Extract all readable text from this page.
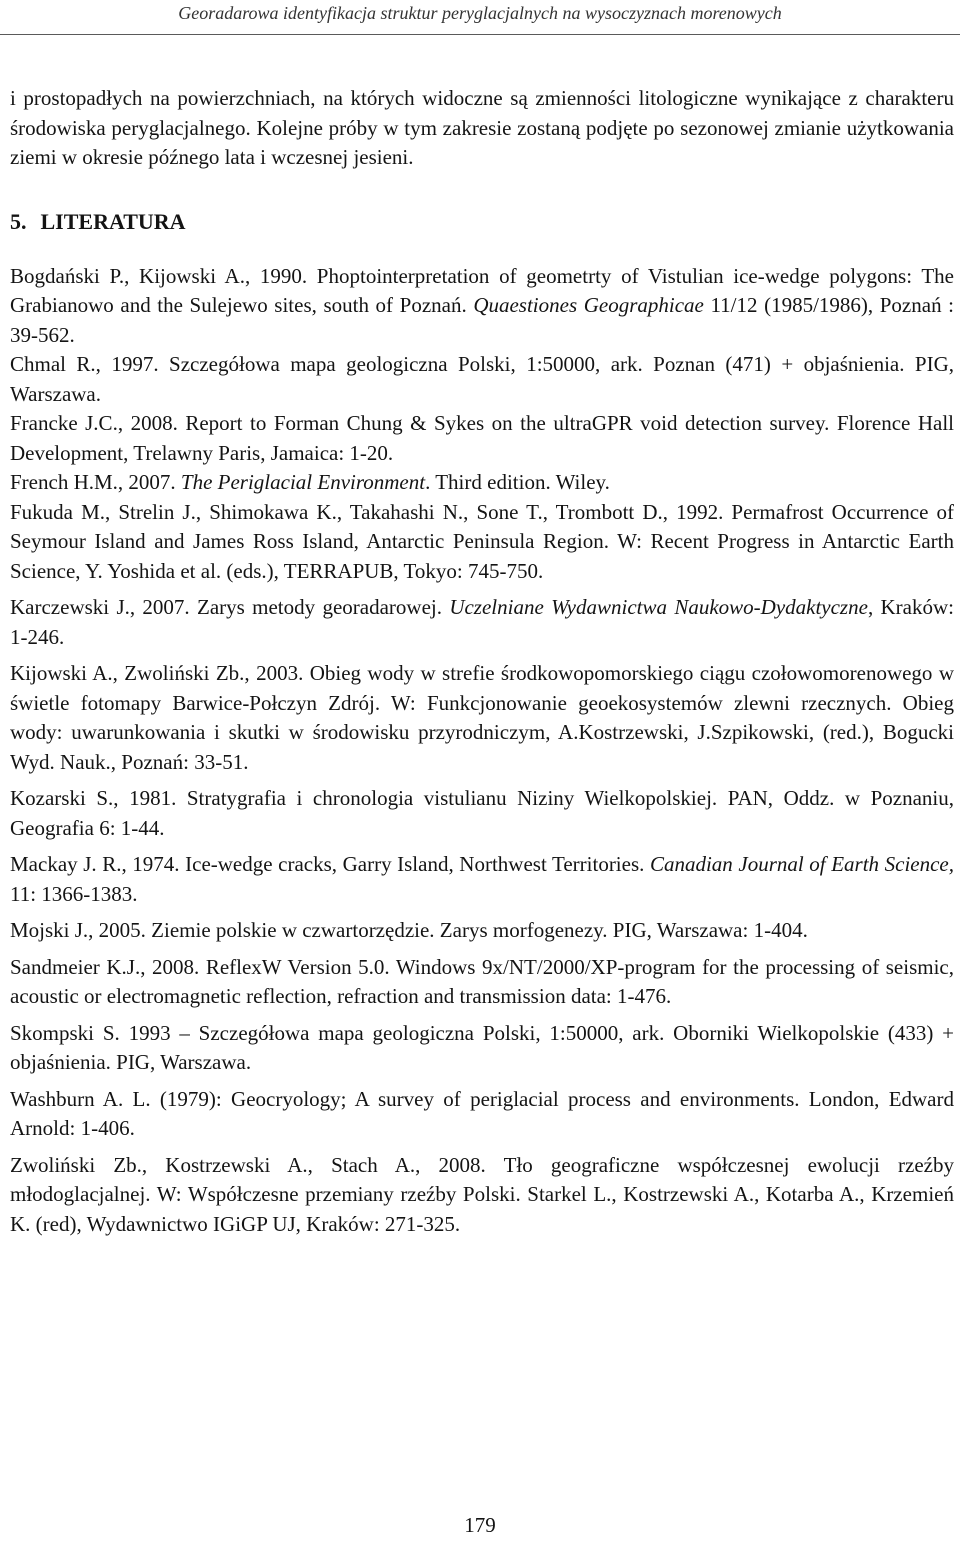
Georadarowa identyfikacja struktur peryglacjalnych na wysoczyznach morenowych

i prostopadłych na powierzchniach, na których widoczne są zmienności litologiczne wynikające z charakteru środowiska peryglacjalnego. Kolejne próby w tym zakresie zostaną podjęte po sezonowej zmianie użytkowania ziemi w okresie późnego lata i wczesnej jesieni.

5. LITERATURA

Bogdański P., Kijowski A., 1990. Phoptointerpretation of geometrty of Vistulian ice-wedge polygons: The Grabianowo and the Sulejewo sites, south of Poznań. Quaestiones Geographicae 11/12 (1985/1986), Poznań : 39-562.

Chmal R., 1997. Szczegółowa mapa geologiczna Polski, 1:50000, ark. Poznan (471) + objaśnienia. PIG, Warszawa.

Francke J.C., 2008. Report to Forman Chung & Sykes on the ultraGPR void detection survey. Florence Hall Development, Trelawny Paris, Jamaica: 1-20.

French H.M., 2007. The Periglacial Environment. Third edition. Wiley.

Fukuda M., Strelin J., Shimokawa K., Takahashi N., Sone T., Trombott D., 1992. Permafrost Occurrence of Seymour Island and James Ross Island, Antarctic Peninsula Region. W: Recent Progress in Antarctic Earth Science, Y. Yoshida et al. (eds.), TERRAPUB, Tokyo: 745-750.

Karczewski J., 2007. Zarys metody georadarowej. Uczelniane Wydawnictwa Naukowo-Dydaktyczne, Kraków: 1-246.

Kijowski A., Zwoliński Zb., 2003. Obieg wody w strefie środkowopomorskiego ciągu czołowomorenowego w świetle fotomapy Barwice-Połczyn Zdrój. W: Funkcjonowanie geoekosystemów zlewni rzecznych. Obieg wody: uwarunkowania i skutki w środowisku przyrodniczym, A.Kostrzewski, J.Szpikowski, (red.), Bogucki Wyd. Nauk., Poznań: 33-51.

Kozarski S., 1981. Stratygrafia i chronologia vistulianu Niziny Wielkopolskiej. PAN, Oddz. w Poznaniu, Geografia 6: 1-44.

Mackay J. R., 1974. Ice-wedge cracks, Garry Island, Northwest Territories. Canadian Journal of Earth Science, 11: 1366-1383.

Mojski J., 2005. Ziemie polskie w czwartorzędzie. Zarys morfogenezy. PIG, Warszawa: 1-404.

Sandmeier K.J., 2008. ReflexW Version 5.0. Windows 9x/NT/2000/XP-program for the processing of seismic, acoustic or electromagnetic reflection, refraction and transmission data: 1-476.

Skompski S. 1993 – Szczegółowa mapa geologiczna Polski, 1:50000, ark. Oborniki Wielkopolskie (433) + objaśnienia. PIG, Warszawa.

Washburn A. L. (1979): Geocryology; A survey of periglacial process and environments. London, Edward Arnold: 1-406.

Zwoliński Zb., Kostrzewski A., Stach A., 2008. Tło geograficzne współczesnej ewolucji rzeźby młodoglacjalnej. W: Współczesne przemiany rzeźby Polski. Starkel L., Kostrzewski A., Kotarba A., Krzemień K. (red), Wydawnictwo IGiGP UJ, Kraków: 271-325.

179
